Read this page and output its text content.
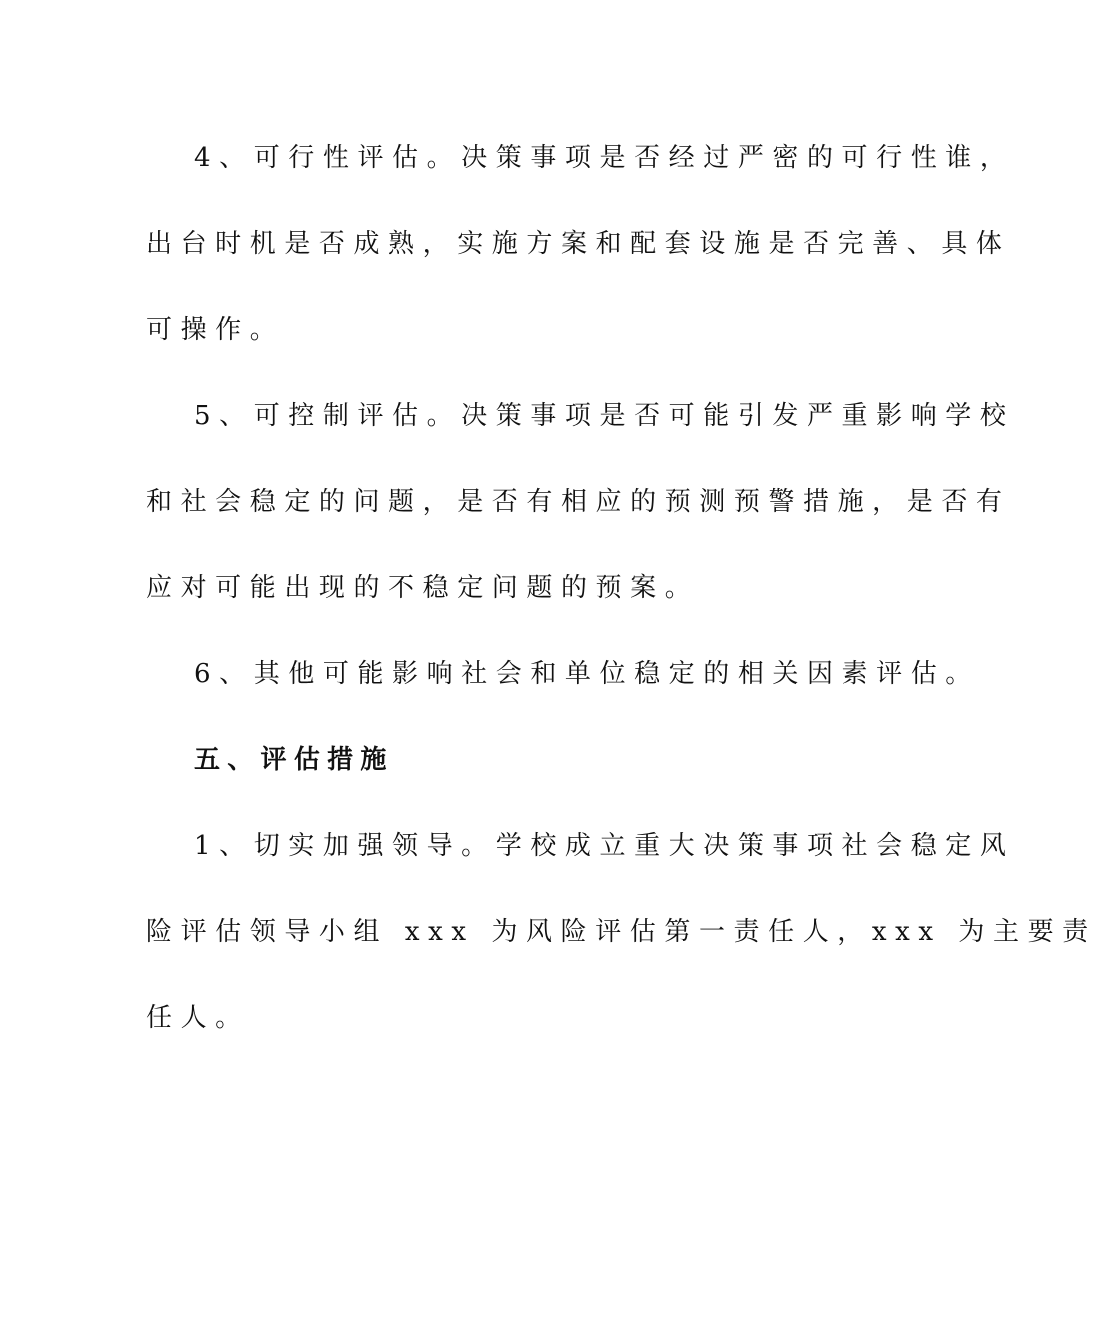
4、可行性评估。决策事项是否经过严密的可行性谁，
出台时机是否成熟，实施方案和配套设施是否完善、具体
可操作。
5、可控制评估。决策事项是否可能引发严重影响学校
和社会稳定的问题，是否有相应的预测预警措施，是否有
应对可能出现的不稳定问题的预案。
6、其他可能影响社会和单位稳定的相关因素评估。
五、评估措施
1、切实加强领导。学校成立重大决策事项社会稳定风
险评估领导小组 xxx 为风险评估第一责任人，xxx 为主要责
任人。
